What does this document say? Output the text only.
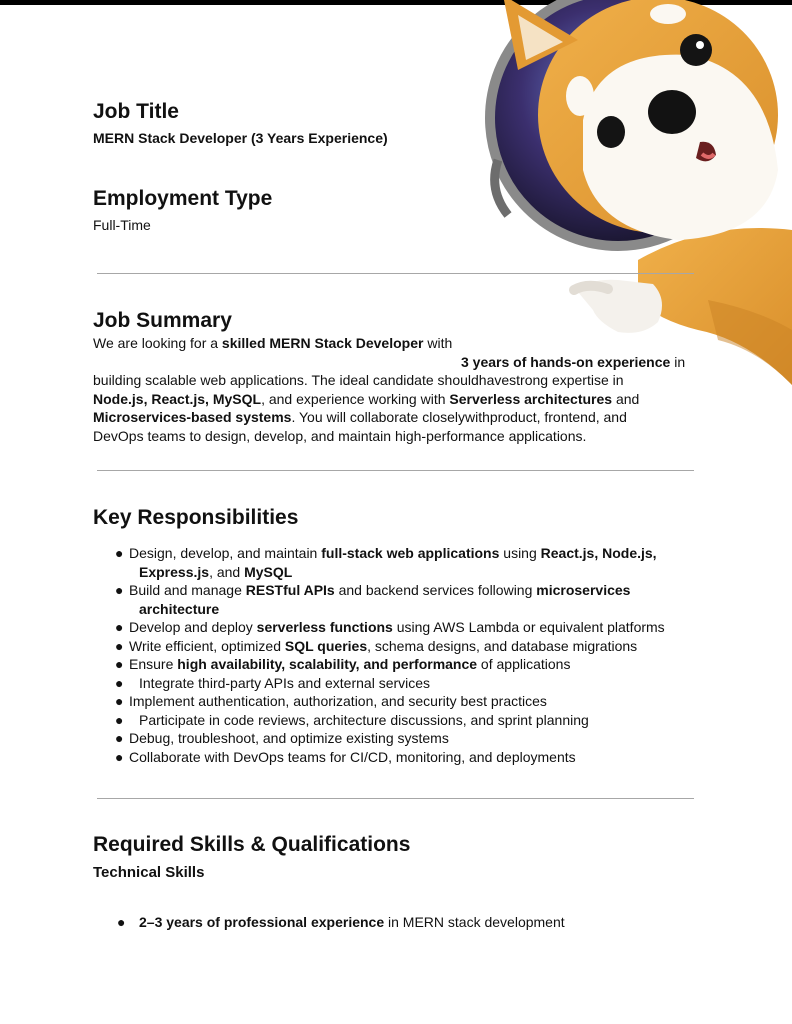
Job Title

MERN Stack Developer (3 Years Experience)

Employment Type

Full-Time

Job Summary
We are looking for a skilled MERN Stack Developer with
3 years of hands-on experience in
building scalable web applications. The ideal candidate shouldhavestrong expertise in
Node.js, React.js, MySQL, and experience working with Serverless architectures and
Microservices-based systems. You will collaborate closelywithproduct, frontend, and
DevOps teams to design, develop, and maintain high-performance applications.
Key Responsibilities
● Design, develop, and maintain full-stack web applications using React.js, Node.js,
Express.js, and MySQL
● Build and manage RESTful APIs and backend services following microservices
architecture
● Develop and deploy serverless functions using AWS Lambda or equivalent platforms
● Write efficient, optimized SQL queries, schema designs, and database migrations
● Ensure high availability, scalability, and performance of applications
● Integrate third-party APIs and external services
● Implement authentication, authorization, and security best practices
● Participate in code reviews, architecture discussions, and sprint planning
● Debug, troubleshoot, and optimize existing systems
● Collaborate with DevOps teams for CI/CD, monitoring, and deployments
Required Skills & Qualifications

Technical Skills

● 2–3 years of professional experience in MERN stack development
